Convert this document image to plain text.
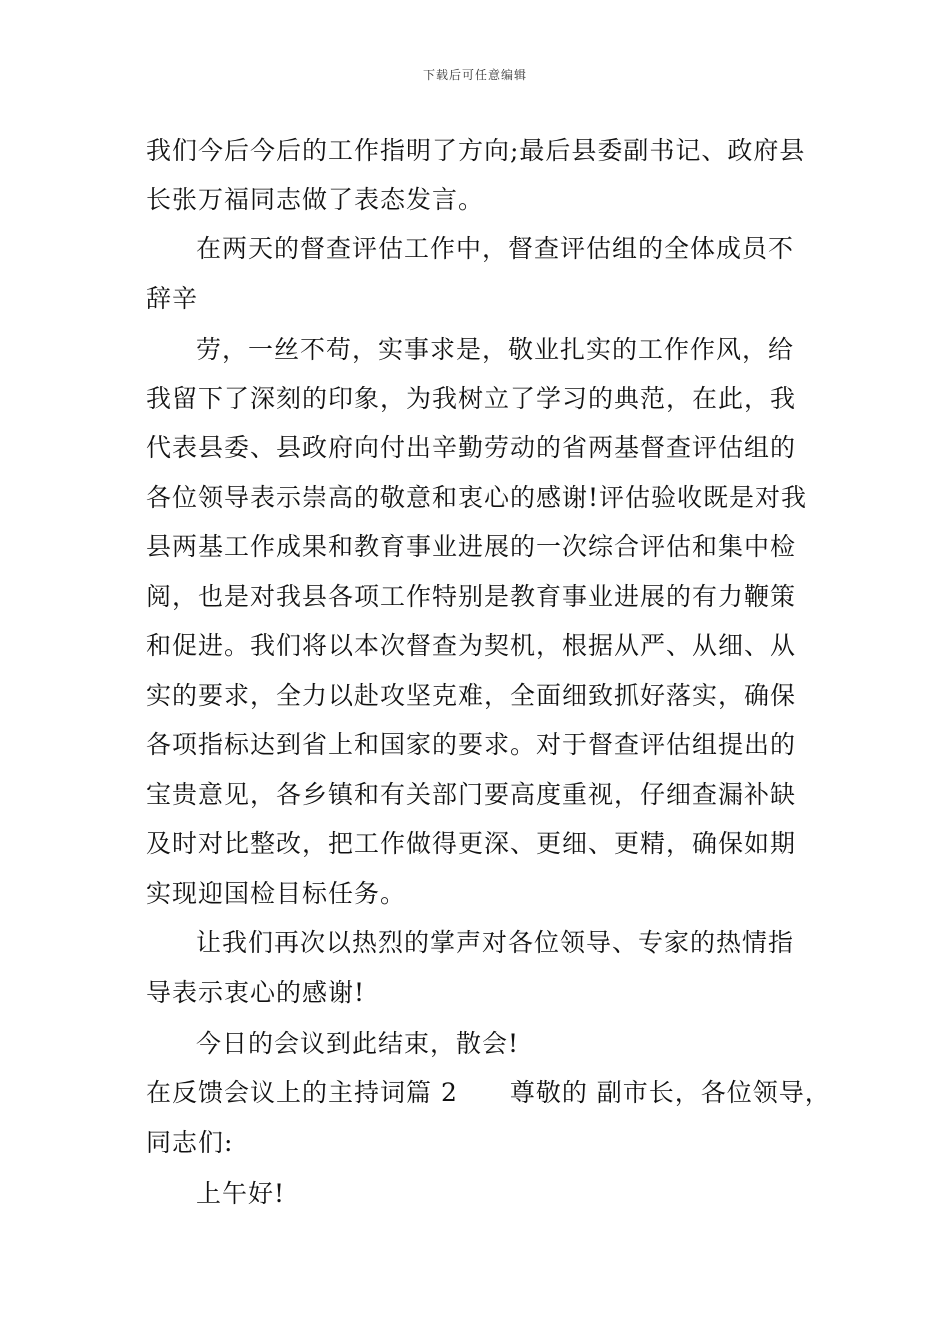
下载后可任意编辑
我们今后今后的工作指明了方向;最后县委副书记、政府县
长张万福同志做了表态发言。
在两天的督查评估工作中，督查评估组的全体成员不
辞辛
劳，一丝不苟，实事求是，敬业扎实的工作作风，给
我留下了深刻的印象，为我树立了学习的典范，在此，我
代表县委、县政府向付出辛勤劳动的省两基督查评估组的
各位领导表示崇高的敬意和衷心的感谢!评估验收既是对我
县两基工作成果和教育事业进展的一次综合评估和集中检
阅，也是对我县各项工作特别是教育事业进展的有力鞭策
和促进。我们将以本次督查为契机，根据从严、从细、从
实的要求，全力以赴攻坚克难，全面细致抓好落实，确保
各项指标达到省上和国家的要求。对于督查评估组提出的
宝贵意见，各乡镇和有关部门要高度重视，仔细查漏补缺
及时对比整改，把工作做得更深、更细、更精，确保如期
实现迎国检目标任务。
让我们再次以热烈的掌声对各位领导、专家的热情指
导表示衷心的感谢!
今日的会议到此结束，散会!
在反馈会议上的主持词篇 2　　尊敬的 副市长，各位领导，
同志们:
上午好!
